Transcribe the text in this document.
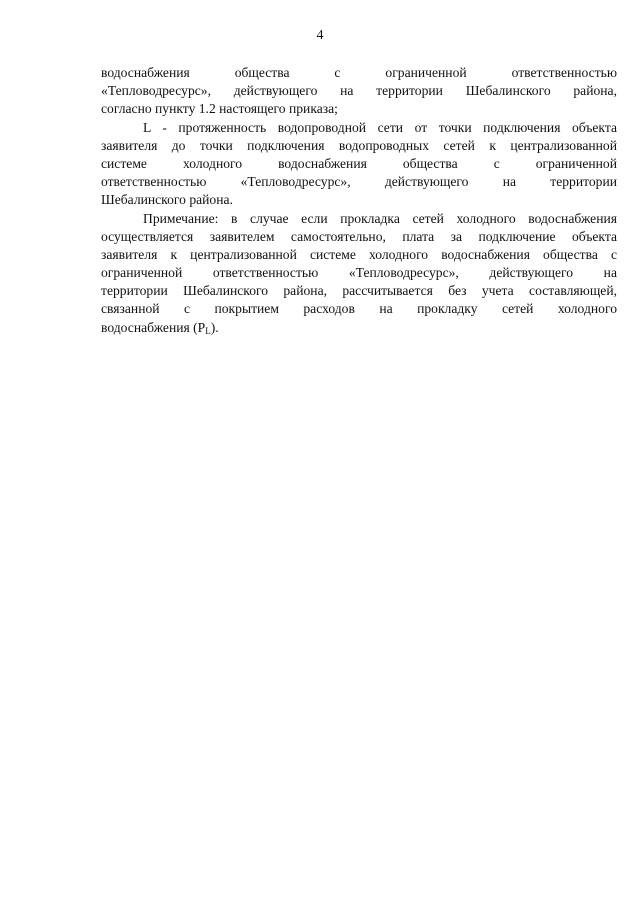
4
водоснабжения общества с ограниченной ответственностью
«Тепловодресурс», действующего на территории Шебалинского района,
согласно пункту 1.2 настоящего приказа;
L - протяженность водопроводной сети от точки подключения объекта
заявителя до точки подключения водопроводных сетей к централизованной
системе холодного водоснабжения общества с ограниченной
ответственностью «Тепловодресурс», действующего на территории
Шебалинского района.
Примечание: в случае если прокладка сетей холодного водоснабжения
осуществляется заявителем самостоятельно, плата за подключение объекта
заявителя к централизованной системе холодного водоснабжения общества с
ограниченной ответственностью «Тепловодресурс», действующего на
территории Шебалинского района, рассчитывается без учета составляющей,
связанной с покрытием расходов на прокладку сетей холодного
водоснабжения $(P_L)$.
